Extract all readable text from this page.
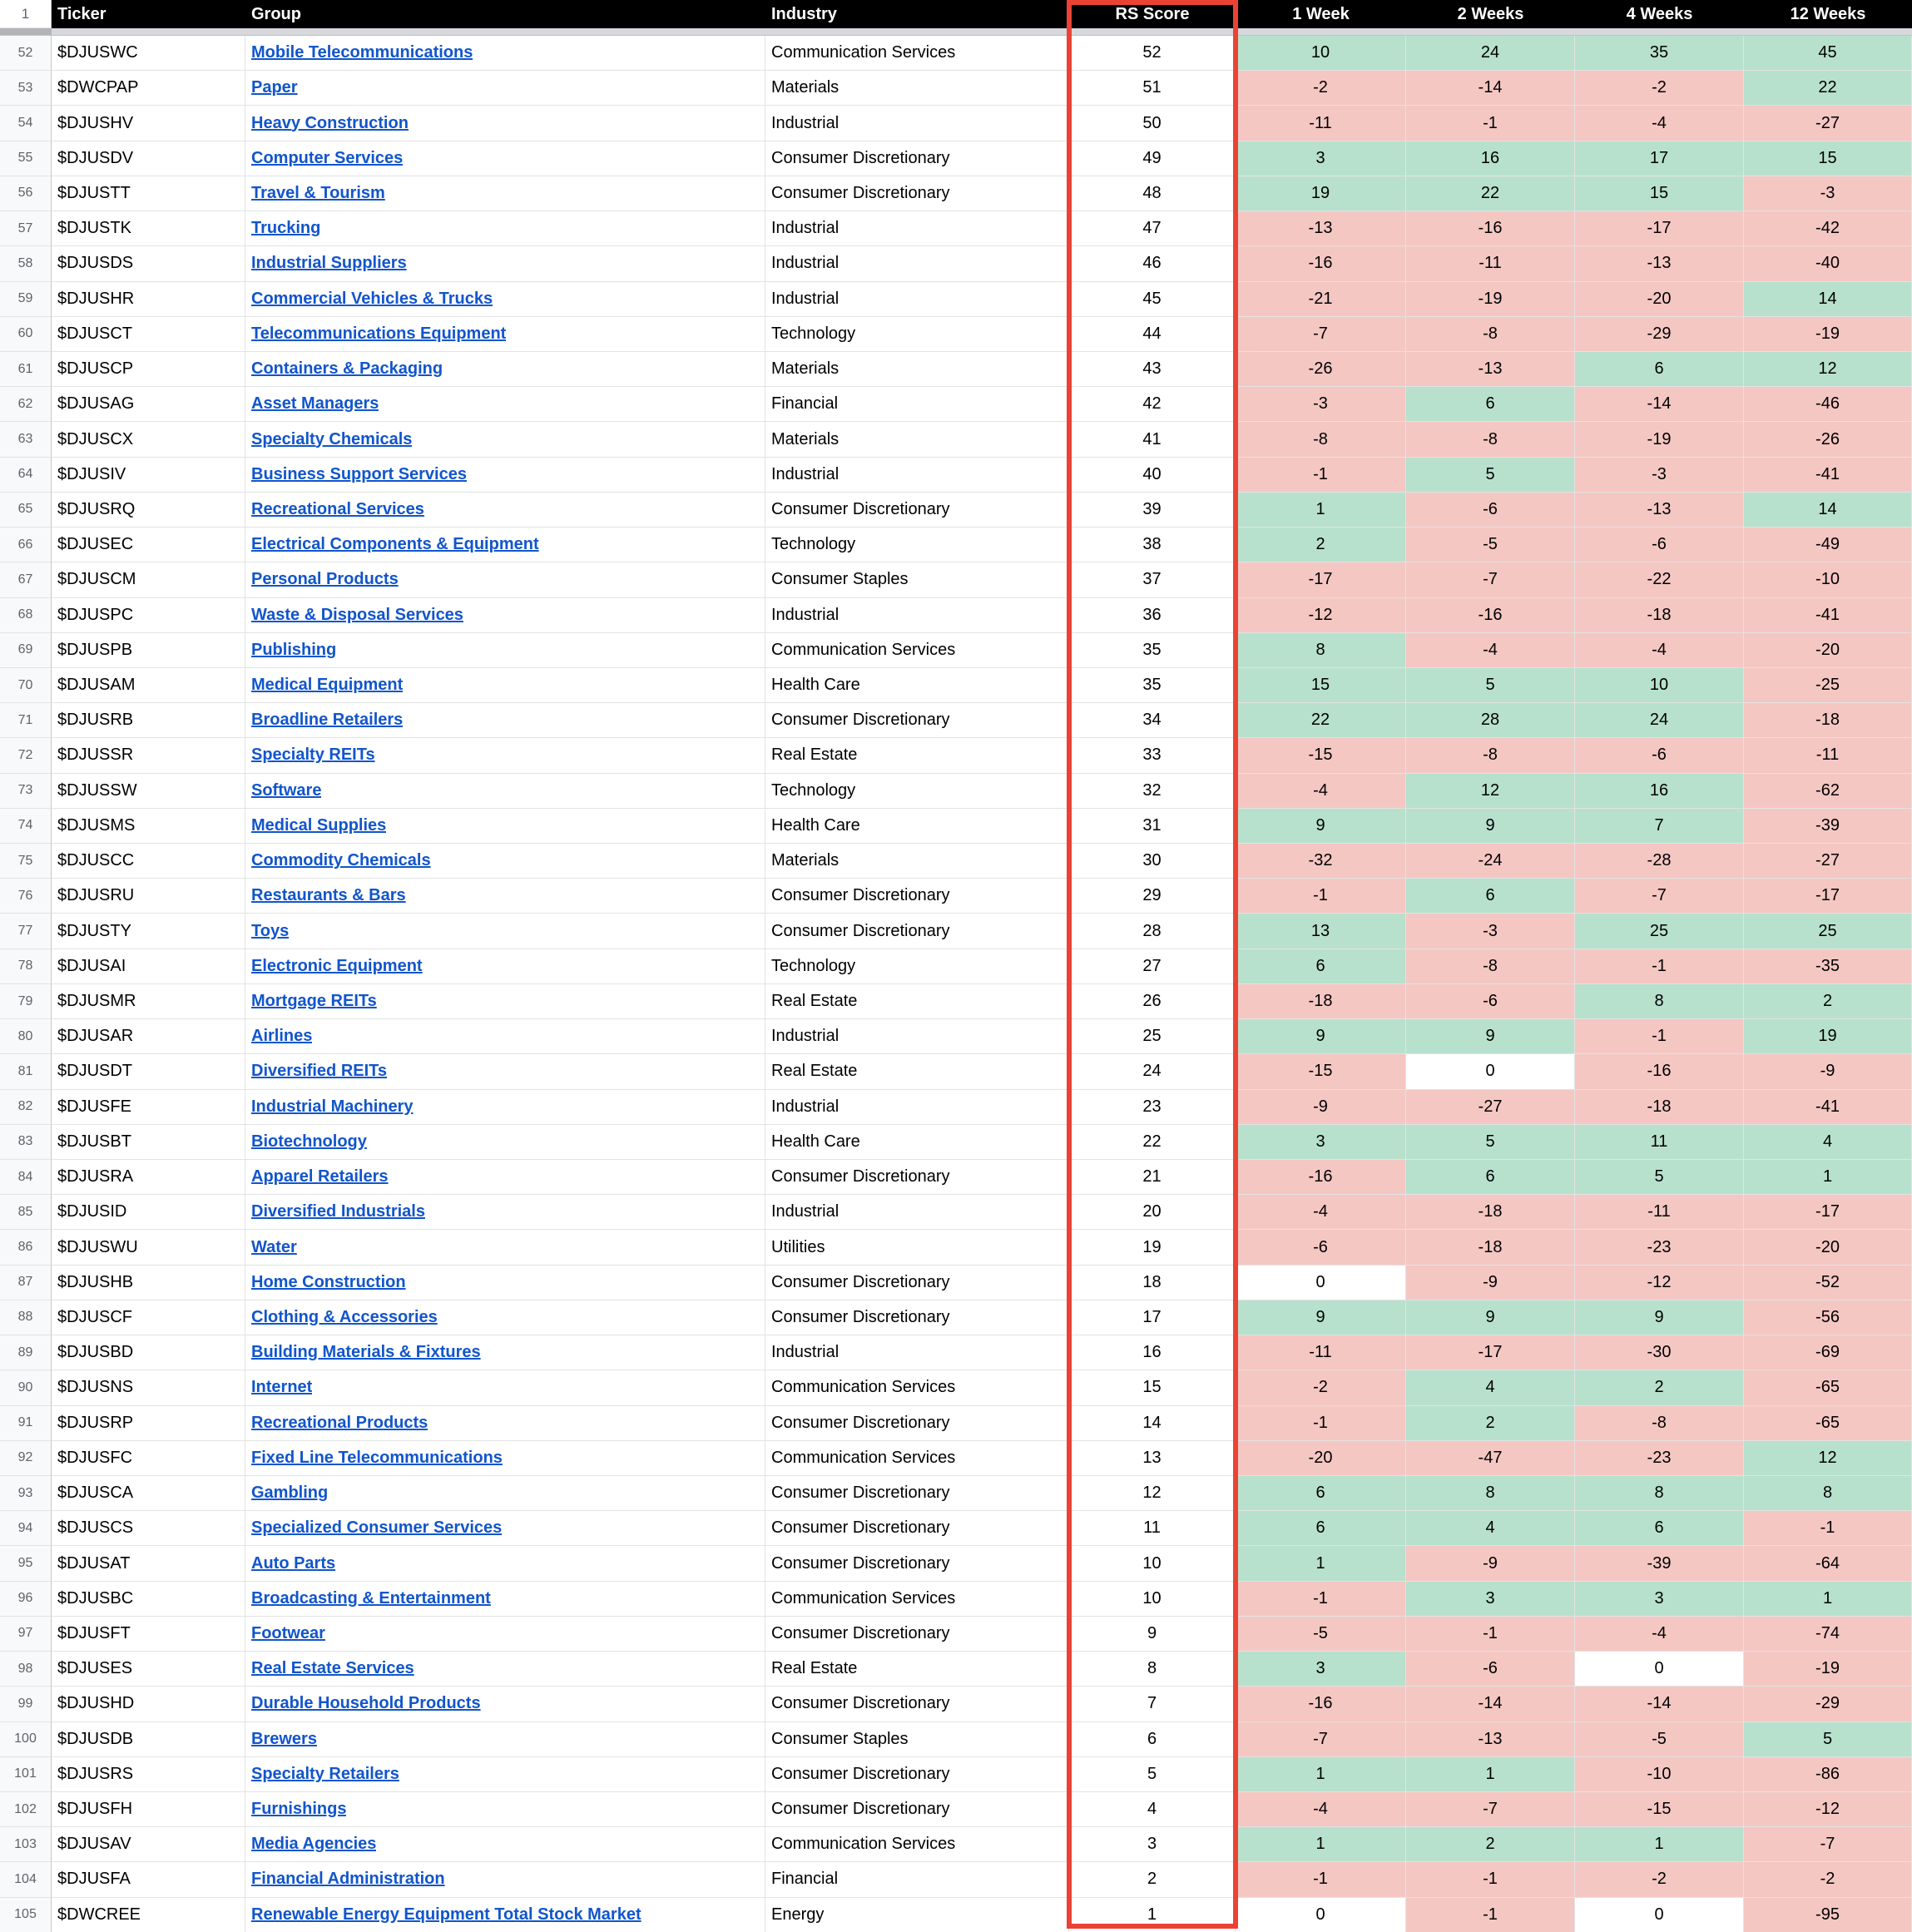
1	Ticker	Group	Industry	RS Score	1 Week	2 Weeks	4 Weeks	12 Weeks
52	$DJUSWC	Mobile Telecommunications	Communication Services	52	10	24	35	45
53	$DWCPAP	Paper	Materials	51	-2	-14	-2	22
54	$DJUSHV	Heavy Construction	Industrial	50	-11	-1	-4	-27
55	$DJUSDV	Computer Services	Consumer Discretionary	49	3	16	17	15
56	$DJUSTT	Travel & Tourism	Consumer Discretionary	48	19	22	15	-3
57	$DJUSTK	Trucking	Industrial	47	-13	-16	-17	-42
58	$DJUSDS	Industrial Suppliers	Industrial	46	-16	-11	-13	-40
59	$DJUSHR	Commercial Vehicles & Trucks	Industrial	45	-21	-19	-20	14
60	$DJUSCT	Telecommunications Equipment	Technology	44	-7	-8	-29	-19
61	$DJUSCP	Containers & Packaging	Materials	43	-26	-13	6	12
62	$DJUSAG	Asset Managers	Financial	42	-3	6	-14	-46
63	$DJUSCX	Specialty Chemicals	Materials	41	-8	-8	-19	-26
64	$DJUSIV	Business Support Services	Industrial	40	-1	5	-3	-41
65	$DJUSRQ	Recreational Services	Consumer Discretionary	39	1	-6	-13	14
66	$DJUSEC	Electrical Components & Equipment	Technology	38	2	-5	-6	-49
67	$DJUSCM	Personal Products	Consumer Staples	37	-17	-7	-22	-10
68	$DJUSPC	Waste & Disposal Services	Industrial	36	-12	-16	-18	-41
69	$DJUSPB	Publishing	Communication Services	35	8	-4	-4	-20
70	$DJUSAM	Medical Equipment	Health Care	35	15	5	10	-25
71	$DJUSRB	Broadline Retailers	Consumer Discretionary	34	22	28	24	-18
72	$DJUSSR	Specialty REITs	Real Estate	33	-15	-8	-6	-11
73	$DJUSSW	Software	Technology	32	-4	12	16	-62
74	$DJUSMS	Medical Supplies	Health Care	31	9	9	7	-39
75	$DJUSCC	Commodity Chemicals	Materials	30	-32	-24	-28	-27
76	$DJUSRU	Restaurants & Bars	Consumer Discretionary	29	-1	6	-7	-17
77	$DJUSTY	Toys	Consumer Discretionary	28	13	-3	25	25
78	$DJUSAI	Electronic Equipment	Technology	27	6	-8	-1	-35
79	$DJUSMR	Mortgage REITs	Real Estate	26	-18	-6	8	2
80	$DJUSAR	Airlines	Industrial	25	9	9	-1	19
81	$DJUSDT	Diversified REITs	Real Estate	24	-15	0	-16	-9
82	$DJUSFE	Industrial Machinery	Industrial	23	-9	-27	-18	-41
83	$DJUSBT	Biotechnology	Health Care	22	3	5	11	4
84	$DJUSRA	Apparel Retailers	Consumer Discretionary	21	-16	6	5	1
85	$DJUSID	Diversified Industrials	Industrial	20	-4	-18	-11	-17
86	$DJUSWU	Water	Utilities	19	-6	-18	-23	-20
87	$DJUSHB	Home Construction	Consumer Discretionary	18	0	-9	-12	-52
88	$DJUSCF	Clothing & Accessories	Consumer Discretionary	17	9	9	9	-56
89	$DJUSBD	Building Materials & Fixtures	Industrial	16	-11	-17	-30	-69
90	$DJUSNS	Internet	Communication Services	15	-2	4	2	-65
91	$DJUSRP	Recreational Products	Consumer Discretionary	14	-1	2	-8	-65
92	$DJUSFC	Fixed Line Telecommunications	Communication Services	13	-20	-47	-23	12
93	$DJUSCA	Gambling	Consumer Discretionary	12	6	8	8	8
94	$DJUSCS	Specialized Consumer Services	Consumer Discretionary	11	6	4	6	-1
95	$DJUSAT	Auto Parts	Consumer Discretionary	10	1	-9	-39	-64
96	$DJUSBC	Broadcasting & Entertainment	Communication Services	10	-1	3	3	1
97	$DJUSFT	Footwear	Consumer Discretionary	9	-5	-1	-4	-74
98	$DJUSES	Real Estate Services	Real Estate	8	3	-6	0	-19
99	$DJUSHD	Durable Household Products	Consumer Discretionary	7	-16	-14	-14	-29
100	$DJUSDB	Brewers	Consumer Staples	6	-7	-13	-5	5
101	$DJUSRS	Specialty Retailers	Consumer Discretionary	5	1	1	-10	-86
102	$DJUSFH	Furnishings	Consumer Discretionary	4	-4	-7	-15	-12
103	$DJUSAV	Media Agencies	Communication Services	3	1	2	1	-7
104	$DJUSFA	Financial Administration	Financial	2	-1	-1	-2	-2
105	$DWCREE	Renewable Energy Equipment Total Stock Market	Energy	1	0	-1	0	-95
